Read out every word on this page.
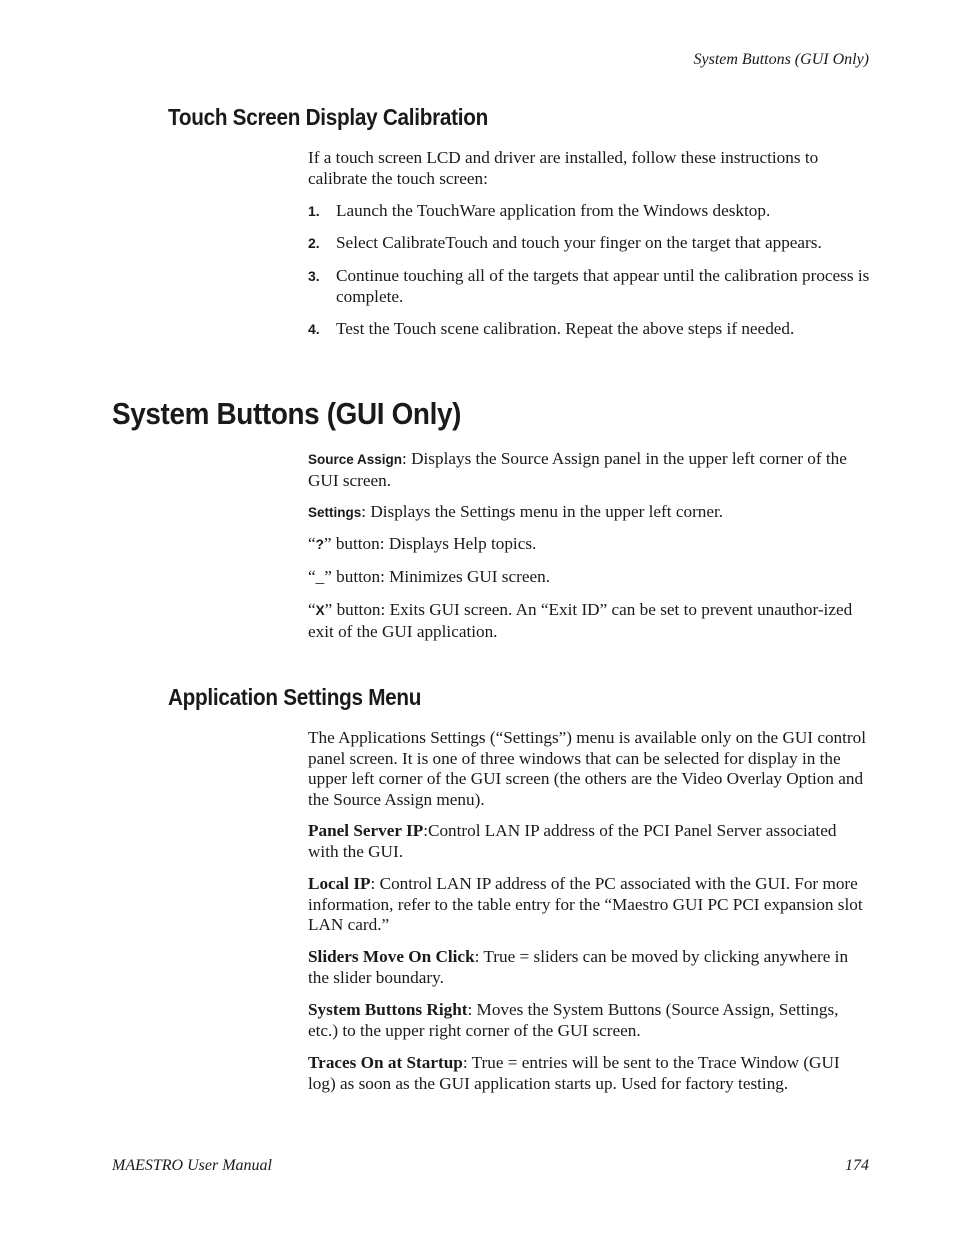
System Buttons (GUI Only)
Touch Screen Display Calibration

If a touch screen LCD and driver are installed, follow these instructions to calibrate the touch screen:

1. Launch the TouchWare application from the Windows desktop.

2. Select CalibrateTouch and touch your finger on the target that appears.

3. Continue touching all of the targets that appear until the calibration process is complete.

4. Test the Touch scene calibration. Repeat the above steps if needed.

System Buttons (GUI Only)

Source Assign: Displays the Source Assign panel in the upper left corner of the GUI screen.

Settings: Displays the Settings menu in the upper left corner.

“?” button: Displays Help topics.

“_” button: Minimizes GUI screen.

“X” button: Exits GUI screen. An “Exit ID” can be set to prevent unauthor-ized exit of the GUI application.

Application Settings Menu

The Applications Settings (“Settings”) menu is available only on the GUI control panel screen. It is one of three windows that can be selected for display in the upper left corner of the GUI screen (the others are the Video Overlay Option and the Source Assign menu).

Panel Server IP:Control LAN IP address of the PCI Panel Server associated with the GUI.

Local IP: Control LAN IP address of the PC associated with the GUI. For more information, refer to the table entry for the “Maestro GUI PC PCI expansion slot LAN card.”

Sliders Move On Click: True = sliders can be moved by clicking anywhere in the slider boundary.

System Buttons Right: Moves the System Buttons (Source Assign, Settings, etc.) to the upper right corner of the GUI screen.

Traces On at Startup: True = entries will be sent to the Trace Window (GUI log) as soon as the GUI application starts up. Used for factory testing.

MAESTRO User Manual	174
